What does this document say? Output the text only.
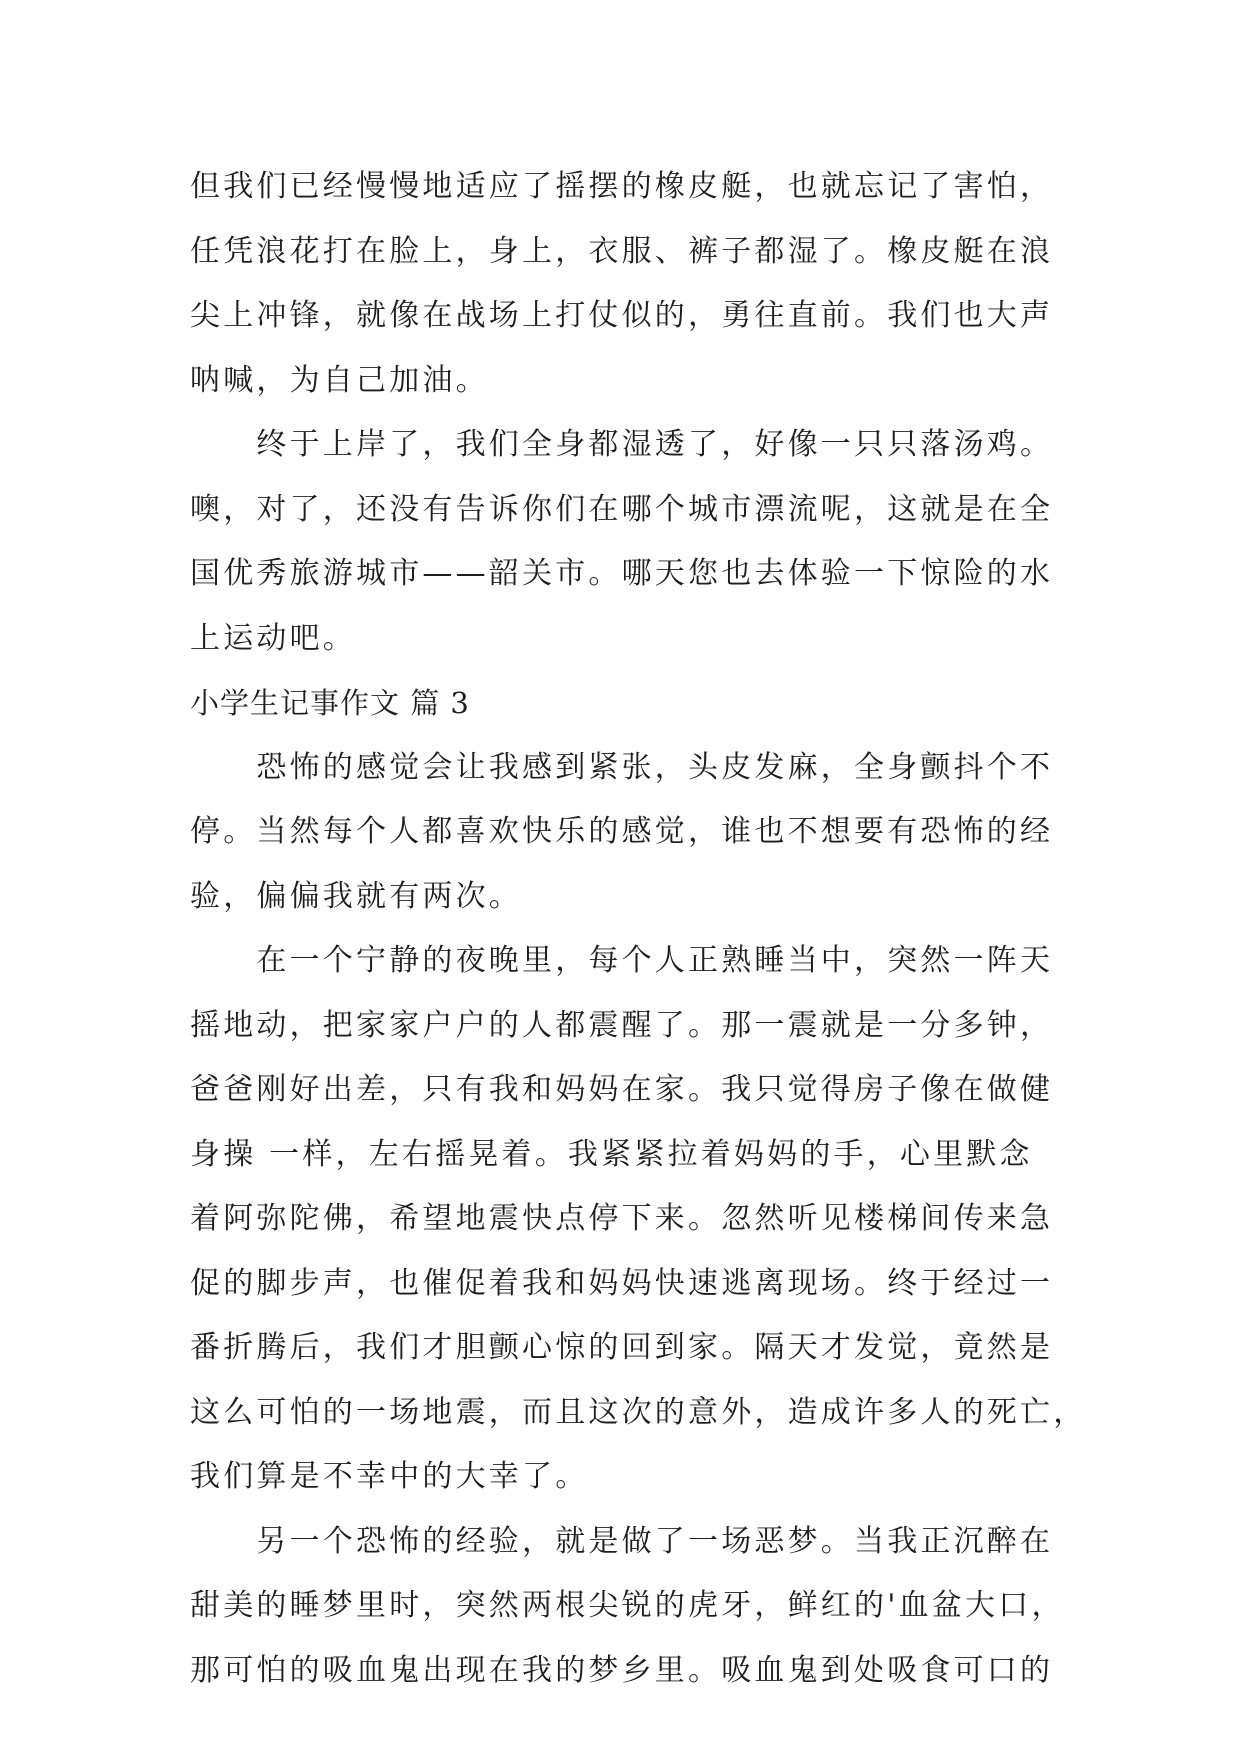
但我们已经慢慢地适应了摇摆的橡皮艇，也就忘记了害怕，
任凭浪花打在脸上，身上，衣服、裤子都湿了。橡皮艇在浪
尖上冲锋，就像在战场上打仗似的，勇往直前。我们也大声
呐喊，为自己加油。
　　终于上岸了，我们全身都湿透了，好像一只只落汤鸡。
噢，对了，还没有告诉你们在哪个城市漂流呢，这就是在全
国优秀旅游城市——韶关市。哪天您也去体验一下惊险的水
上运动吧。
小学生记事作文 篇 3
　　恐怖的感觉会让我感到紧张，头皮发麻，全身颤抖个不
停。当然每个人都喜欢快乐的感觉，谁也不想要有恐怖的经
验，偏偏我就有两次。
　　在一个宁静的夜晚里，每个人正熟睡当中，突然一阵天
摇地动，把家家户户的人都震醒了。那一震就是一分多钟，
爸爸刚好出差，只有我和妈妈在家。我只觉得房子像在做健
身操 一样，左右摇晃着。我紧紧拉着妈妈的手，心里默念
着阿弥陀佛，希望地震快点停下来。忽然听见楼梯间传来急
促的脚步声，也催促着我和妈妈快速逃离现场。终于经过一
番折腾后，我们才胆颤心惊的回到家。隔天才发觉，竟然是
这么可怕的一场地震，而且这次的意外，造成许多人的死亡，
我们算是不幸中的大幸了。
　　另一个恐怖的经验，就是做了一场恶梦。当我正沉醉在
甜美的睡梦里时，突然两根尖锐的虎牙，鲜红的'血盆大口，
那可怕的吸血鬼出现在我的梦乡里。吸血鬼到处吸食可口的
